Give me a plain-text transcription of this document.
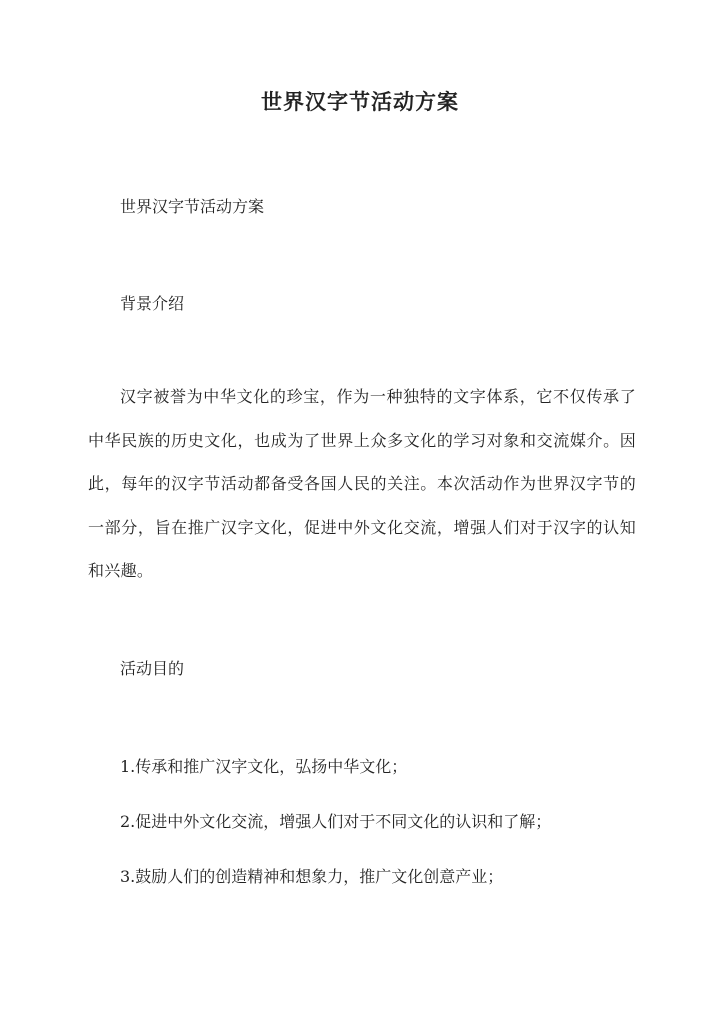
世界汉字节活动方案

世界汉字节活动方案

背景介绍

汉字被誉为中华文化的珍宝，作为一种独特的文字体系，它不仅传承了中华民族的历史文化，也成为了世界上众多文化的学习对象和交流媒介。因此，每年的汉字节活动都备受各国人民的关注。本次活动作为世界汉字节的一部分，旨在推广汉字文化，促进中外文化交流，增强人们对于汉字的认知和兴趣。

活动目的

1.传承和推广汉字文化，弘扬中华文化；

2.促进中外文化交流，增强人们对于不同文化的认识和了解；

3.鼓励人们的创造精神和想象力，推广文化创意产业；
